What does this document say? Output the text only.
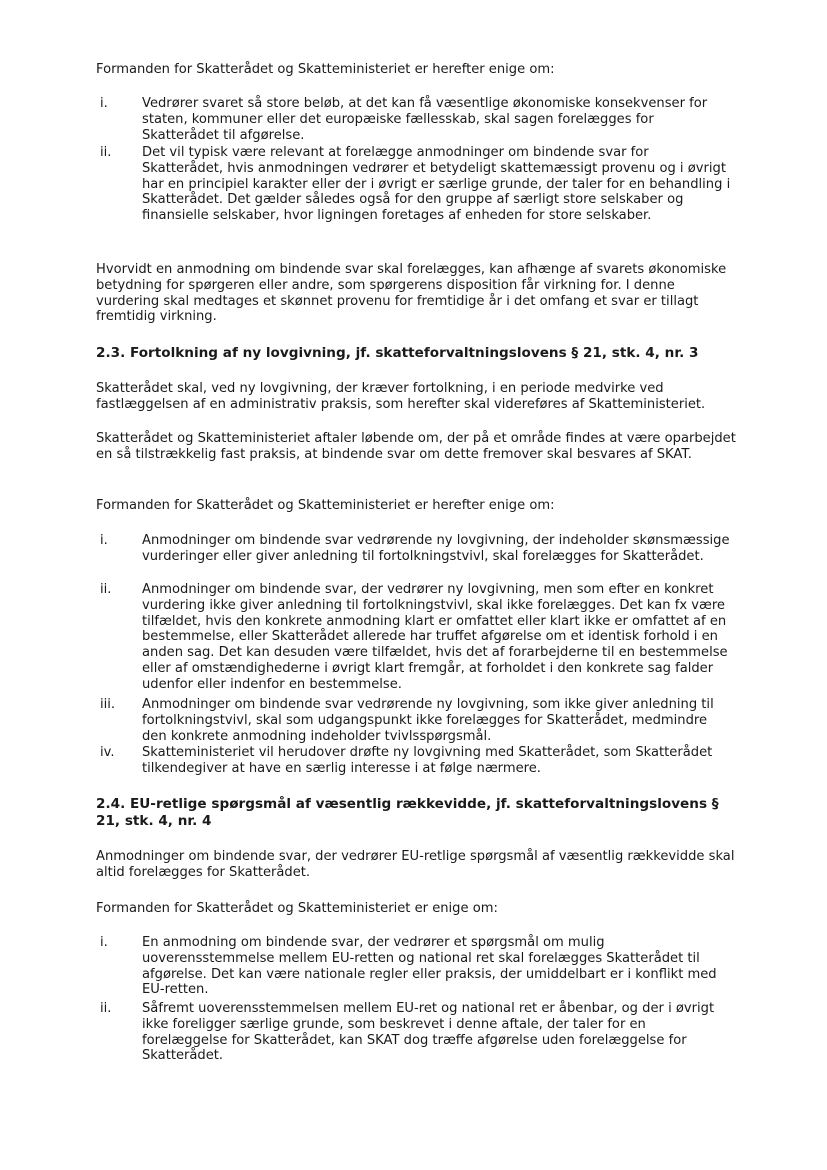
Formanden for Skatterådet og Skatteministeriet er herefter enige om:

i.	Vedrører svaret så store beløb, at det kan få væsentlige økonomiske konsekvenser for staten, kommuner eller det europæiske fællesskab, skal sagen forelægges for Skatterådet til afgørelse.

ii.	Det vil typisk være relevant at forelægge anmodninger om bindende svar for Skatterådet, hvis anmodningen vedrører et betydeligt skattemæssigt provenu og i øvrigt har en principiel karakter eller der i øvrigt er særlige grunde, der taler for en behandling i Skatterådet. Det gælder således også for den gruppe af særligt store selskaber og finansielle selskaber, hvor ligningen foretages af enheden for store selskaber.

Hvorvidt en anmodning om bindende svar skal forelægges, kan afhænge af svarets økonomiske betydning for spørgeren eller andre, som spørgerens disposition får virkning for. I denne vurdering skal medtages et skønnet provenu for fremtidige år i det omfang et svar er tillagt fremtidig virkning.

2.3. Fortolkning af ny lovgivning, jf. skatteforvaltningslovens § 21, stk. 4, nr. 3

Skatterådet skal, ved ny lovgivning, der kræver fortolkning, i en periode medvirke ved fastlæggelsen af en administrativ praksis, som herefter skal videreføres af Skatteministeriet.

Skatterådet og Skatteministeriet aftaler løbende om, der på et område findes at være oparbejdet en så tilstrækkelig fast praksis, at bindende svar om dette fremover skal besvares af SKAT.

Formanden for Skatterådet og Skatteministeriet er herefter enige om:

i.	Anmodninger om bindende svar vedrørende ny lovgivning, der indeholder skønsmæssige vurderinger eller giver anledning til fortolkningstvivl, skal forelægges for Skatterådet.

ii.	Anmodninger om bindende svar, der vedrører ny lovgivning, men som efter en konkret vurdering ikke giver anledning til fortolkningstvivl, skal ikke forelægges. Det kan fx være tilfældet, hvis den konkrete anmodning klart er omfattet eller klart ikke er omfattet af en bestemmelse, eller Skatterådet allerede har truffet afgørelse om et identisk forhold i en anden sag. Det kan desuden være tilfældet, hvis det af forarbejderne til en bestemmelse eller af omstændighederne i øvrigt klart fremgår, at forholdet i den konkrete sag falder udenfor eller indenfor en bestemmelse.

iii.	Anmodninger om bindende svar vedrørende ny lovgivning, som ikke giver anledning til fortolkningstvivl, skal som udgangspunkt ikke forelægges for Skatterådet, medmindre den konkrete anmodning indeholder tvivlsspørgsmål.

iv.	Skatteministeriet vil herudover drøfte ny lovgivning med Skatterådet, som Skatterådet tilkendegiver at have en særlig interesse i at følge nærmere.

2.4. EU-retlige spørgsmål af væsentlig rækkevidde, jf. skatteforvaltningslovens § 21, stk. 4, nr. 4

Anmodninger om bindende svar, der vedrører EU-retlige spørgsmål af væsentlig rækkevidde skal altid forelægges for Skatterådet.

Formanden for Skatterådet og Skatteministeriet er enige om:

i.	En anmodning om bindende svar, der vedrører et spørgsmål om mulig uoverensstemmelse mellem EU-retten og national ret skal forelægges Skatterådet til afgørelse. Det kan være nationale regler eller praksis, der umiddelbart er i konflikt med EU-retten.

ii.	Såfremt uoverensstemmelsen mellem EU-ret og national ret er åbenbar, og der i øvrigt ikke foreligger særlige grunde, som beskrevet i denne aftale, der taler for en forelæggelse for Skatterådet, kan SKAT dog træffe afgørelse uden forelæggelse for Skatterådet.
